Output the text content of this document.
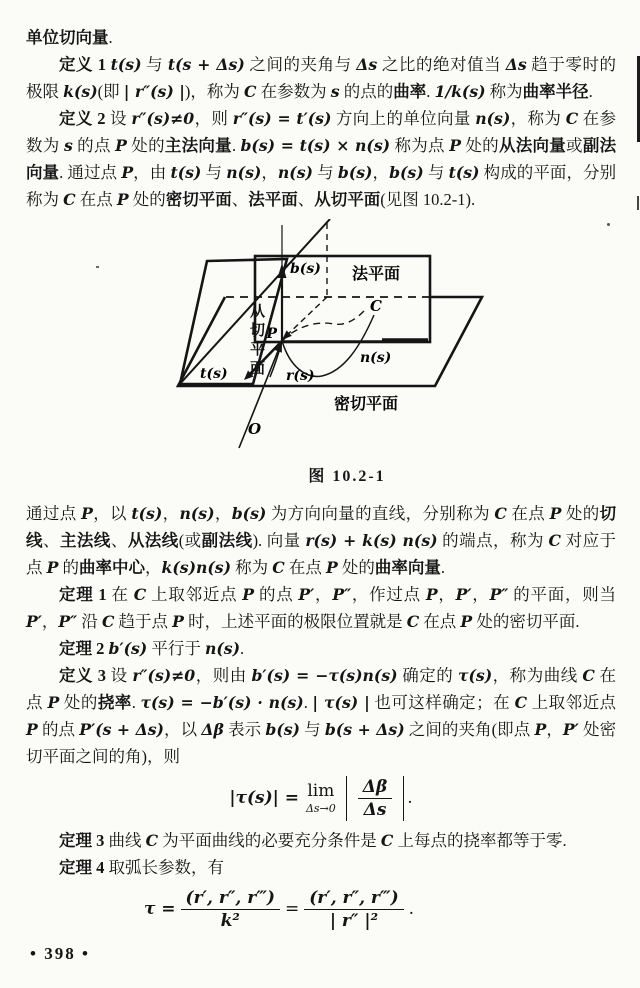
单位切向量.

定义 1 t(s) 与 t(s + Δs) 之间的夹角与 Δs 之比的绝对值当 Δs 趋于零时的极限 k(s)(即 | r″(s) |)，称为 C 在参数为 s 的点的曲率. 1/k(s) 称为曲率半径.

定义 2 设 r″(s)≠0，则 r″(s) = t′(s) 方向上的单位向量 n(s)，称为 C 在参数为 s 的点 P 处的主法向量. b(s) = t(s) × n(s) 称为点 P 处的从法向量或副法向量. 通过点 P，由 t(s) 与 n(s)，n(s) 与 b(s)，b(s) 与 t(s) 构成的平面，分别称为 C 在点 P 处的密切平面、法平面、从切平面(见图 10.2-1).

法平面
密切平面
b(s)
n(s)
t(s)	r(s)
C
P
O
从切平面
图 10.2-1

通过点 P，以 t(s)，n(s)，b(s) 为方向向量的直线，分别称为 C 在点 P 处的切线、主法线、从法线(或副法线). 向量 r(s) + k(s) n(s) 的端点，称为 C 对应于点 P 的曲率中心，k(s)n(s) 称为 C 在点 P 处的曲率向量.

定理 1 在 C 上取邻近点 P 的点 P′，P″，作过点 P，P′，P″ 的平面，则当 P′，P″ 沿 C 趋于点 P 时，上述平面的极限位置就是 C 在点 P 处的密切平面.

定理 2 b′(s) 平行于 n(s).

定义 3 设 r″(s)≠0，则由 b′(s) = −τ(s)n(s) 确定的 τ(s)，称为曲线 C 在点 P 处的挠率. τ(s) = −b′(s) · n(s). | τ(s) | 也可这样确定；在 C 上取邻近点 P 的点 P′(s + Δs)，以 Δβ 表示 b(s) 与 b(s + Δs) 之间的夹角(即点 P，P′ 处密切平面之间的角)，则

|τ(s)| = lim
$\Delta s\to 0 \frac{\Delta\beta}{\Delta s}$ .

定理 3 曲线 C 为平面曲线的必要充分条件是 C 上每点的挠率都等于零.

定理 4 取弧长参数，有

$\tau = \frac{(r', r'', r‴)}{\text{k²}} = \frac{(r', r'', r‴)}{\text{| r″ |²}}$ .
• 398 •
